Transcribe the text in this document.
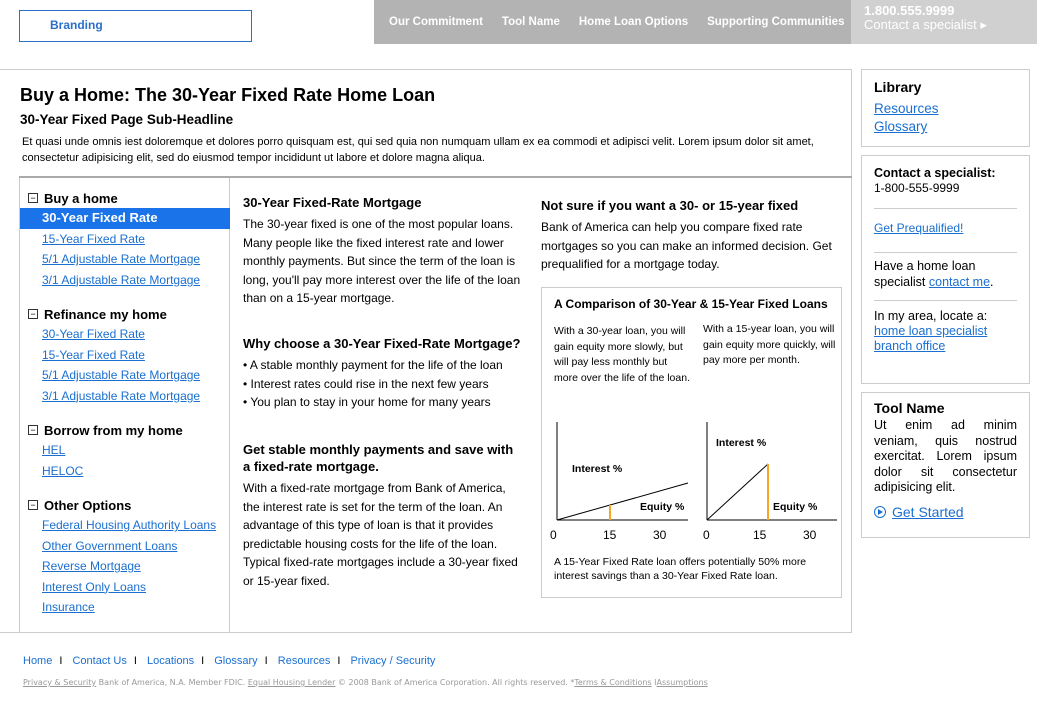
Branding	Our Commitment Tool Name Home Loan Options Supporting Communities
1.800.555.9999
Contact a specialist ▸
Buy a Home: The 30-Year Fixed Rate Home Loan
30-Year Fixed Page Sub-Headline
Et quasi unde omnis iest doloremque et dolores porro quisquam est, qui sed quia non numquam ullam ex ea commodi et adipisci velit. Lorem ipsum dolor sit amet, consectetur adipisicing elit, sed do eiusmod tempor incididunt ut labore et dolore magna aliqua.
− Buy a home
30-Year Fixed Rate
15-Year Fixed Rate
5/1 Adjustable Rate Mortgage
3/1 Adjustable Rate Mortgage
− Refinance my home
30-Year Fixed Rate
15-Year Fixed Rate
5/1 Adjustable Rate Mortgage
3/1 Adjustable Rate Mortgage
− Borrow from my home
HEL
HELOC
− Other Options
Federal Housing Authority Loans
Other Government Loans
Reverse Mortgage
Interest Only Loans
Insurance
30-Year Fixed-Rate Mortgage

The 30-year fixed is one of the most popular loans. Many people like the fixed interest rate and lower monthly payments. But since the term of the loan is long, you'll pay more interest over the life of the loan than on a 15-year mortgage.

Why choose a 30-Year Fixed-Rate Mortgage?

• A stable monthly payment for the life of the loan

• Interest rates could rise in the next few years

• You plan to stay in your home for many years

Get stable monthly payments and save with a fixed-rate mortgage.

With a fixed-rate mortgage from Bank of America, the interest rate is set for the term of the loan. An advantage of this type of loan is that it provides predictable housing costs for the life of the loan. Typical fixed-rate mortgages include a 30-year fixed or 15-year fixed.

Not sure if you want a 30- or 15-year fixed

Bank of America can help you compare fixed rate mortgages so you can make an informed decision. Get prequalified for a mortgage today.

A Comparison of 30-Year & 15-Year Fixed Loans
With a 30-year loan, you will gain equity more slowly, but will pay less monthly but more over the life of the loan.
With a 15-year loan, you will gain equity more quickly, will pay more per month.
Interest %
Equity %
0	15	30
Interest %
Equity %
0	15	30
A 15-Year Fixed Rate loan offers potentially 50% more interest savings than a 30-Year Fixed Rate loan.
Library
Resources
Glossary
Contact a specialist:
1-800-555-9999
Get Prequalified!
Have a home loan specialist contact me.
In my area, locate a:
home loan specialist branch office
Tool Name
Ut enim ad minim veniam, quis nostrud exercitat. Lorem ipsum dolor sit consectetur adipisicing elit.
Get Started
Home I Contact Us I Locations I Glossary I Resources I Privacy / Security
Privacy & Security Bank of America, N.A. Member FDIC. Equal Housing Lender © 2008 Bank of America Corporation. All rights reserved. *Terms & Conditions IAssumptions
